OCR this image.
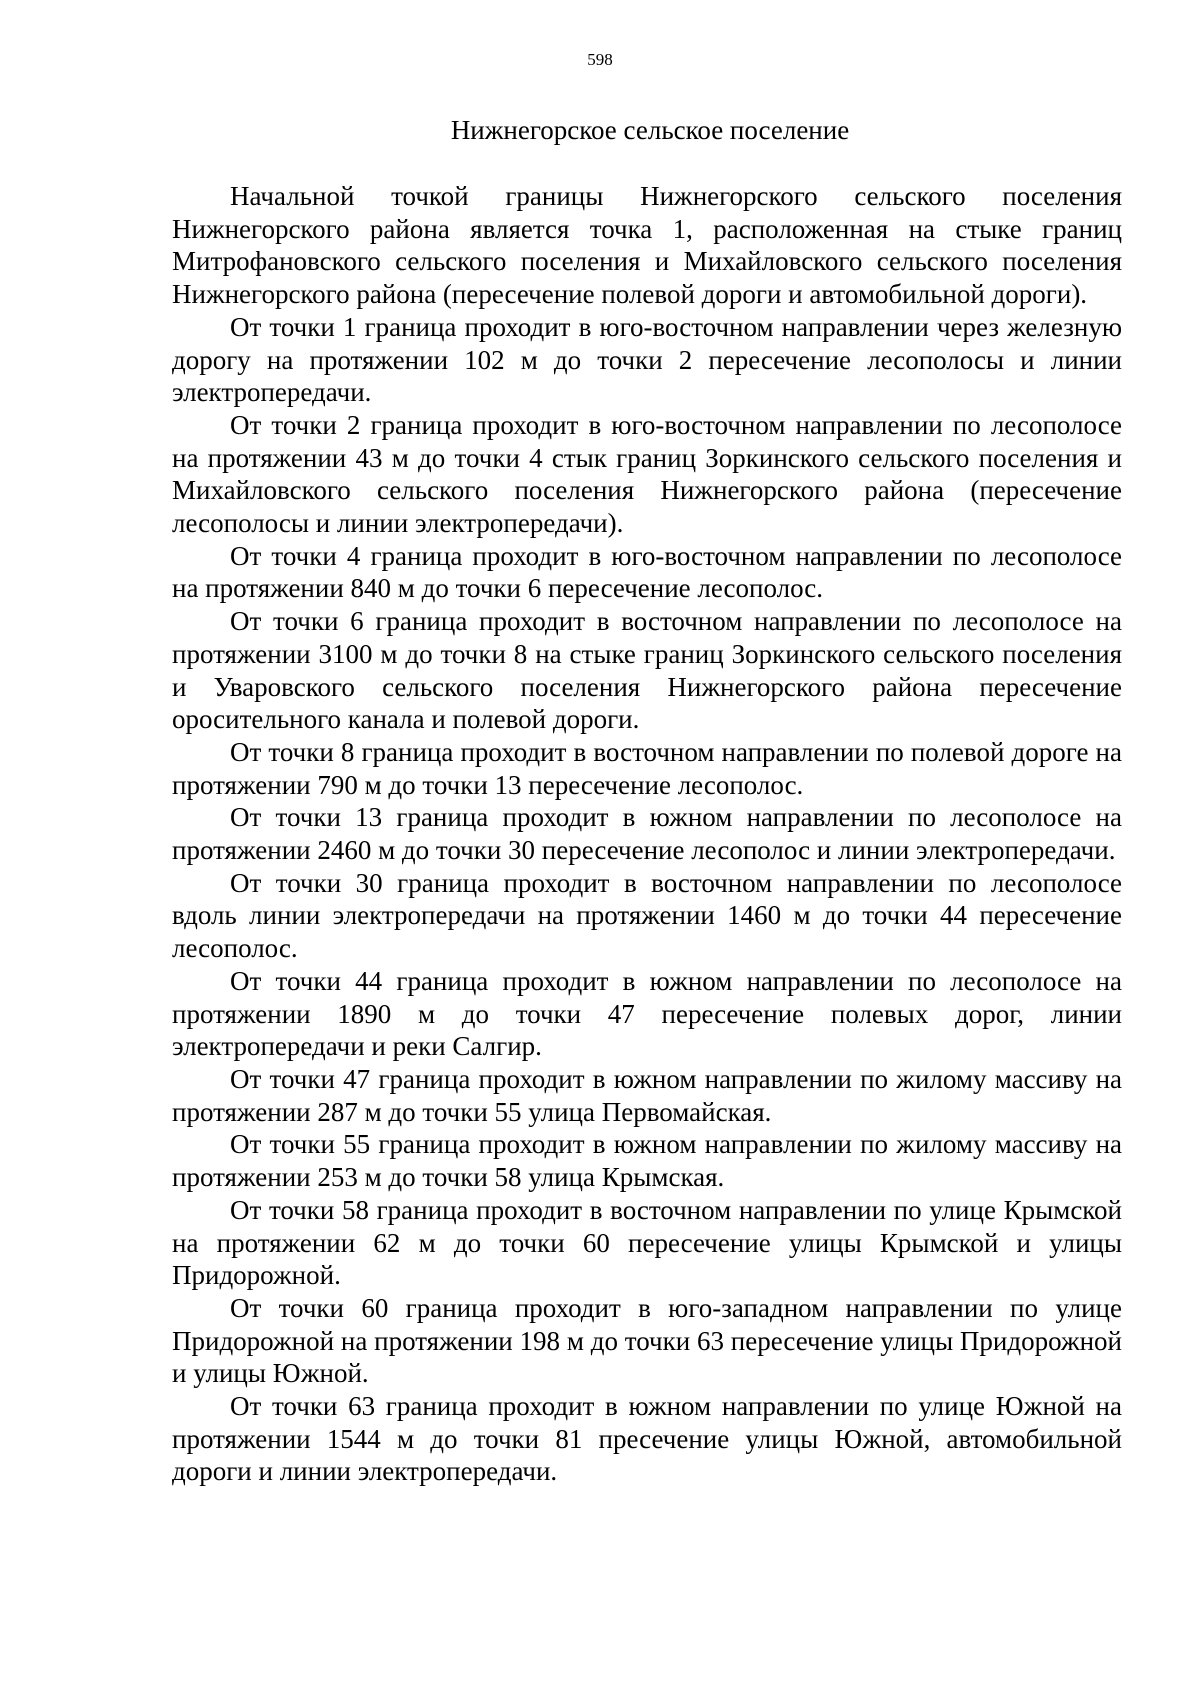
598
Нижнегорское сельское поселение

Начальной точкой границы Нижнегорского сельского поселения Нижнегорского района является точка 1, расположенная на стыке границ Митрофановского сельского поселения и Михайловского сельского поселения Нижнегорского района (пересечение полевой дороги и автомобильной дороги).

От точки 1 граница проходит в юго-восточном направлении через железную дорогу на протяжении 102 м до точки 2 пересечение лесополосы и линии электропередачи.

От точки 2 граница проходит в юго-восточном направлении по лесополосе на протяжении 43 м до точки 4 стык границ Зоркинского сельского поселения и Михайловского сельского поселения Нижнегорского района (пересечение лесополосы и линии электропередачи).

От точки 4 граница проходит в юго-восточном направлении по лесополосе на протяжении 840 м до точки 6 пересечение лесополос.

От точки 6 граница проходит в восточном направлении по лесополосе на протяжении 3100 м до точки 8 на стыке границ Зоркинского сельского поселения и Уваровского сельского поселения Нижнегорского района пересечение оросительного канала и полевой дороги.

От точки 8 граница проходит в восточном направлении по полевой дороге на протяжении 790 м до точки 13 пересечение лесополос.

От точки 13 граница проходит в южном направлении по лесополосе на протяжении 2460 м до точки 30 пересечение лесополос и линии электропередачи.

От точки 30 граница проходит в восточном направлении по лесополосе вдоль линии электропередачи на протяжении 1460 м до точки 44 пересечение лесополос.

От точки 44 граница проходит в южном направлении по лесополосе на протяжении 1890 м до точки 47 пересечение полевых дорог, линии электропередачи и реки Салгир.

От точки 47 граница проходит в южном направлении по жилому массиву на протяжении 287 м до точки 55 улица Первомайская.

От точки 55 граница проходит в южном направлении по жилому массиву на протяжении 253 м до точки 58 улица Крымская.

От точки 58 граница проходит в восточном направлении по улице Крымской на протяжении 62 м до точки 60 пересечение улицы Крымской и улицы Придорожной.

От точки 60 граница проходит в юго-западном направлении по улице Придорожной на протяжении 198 м до точки 63 пересечение улицы Придорожной и улицы Южной.

От точки 63 граница проходит в южном направлении по улице Южной на протяжении 1544 м до точки 81 пресечение улицы Южной, автомобильной дороги и линии электропередачи.
